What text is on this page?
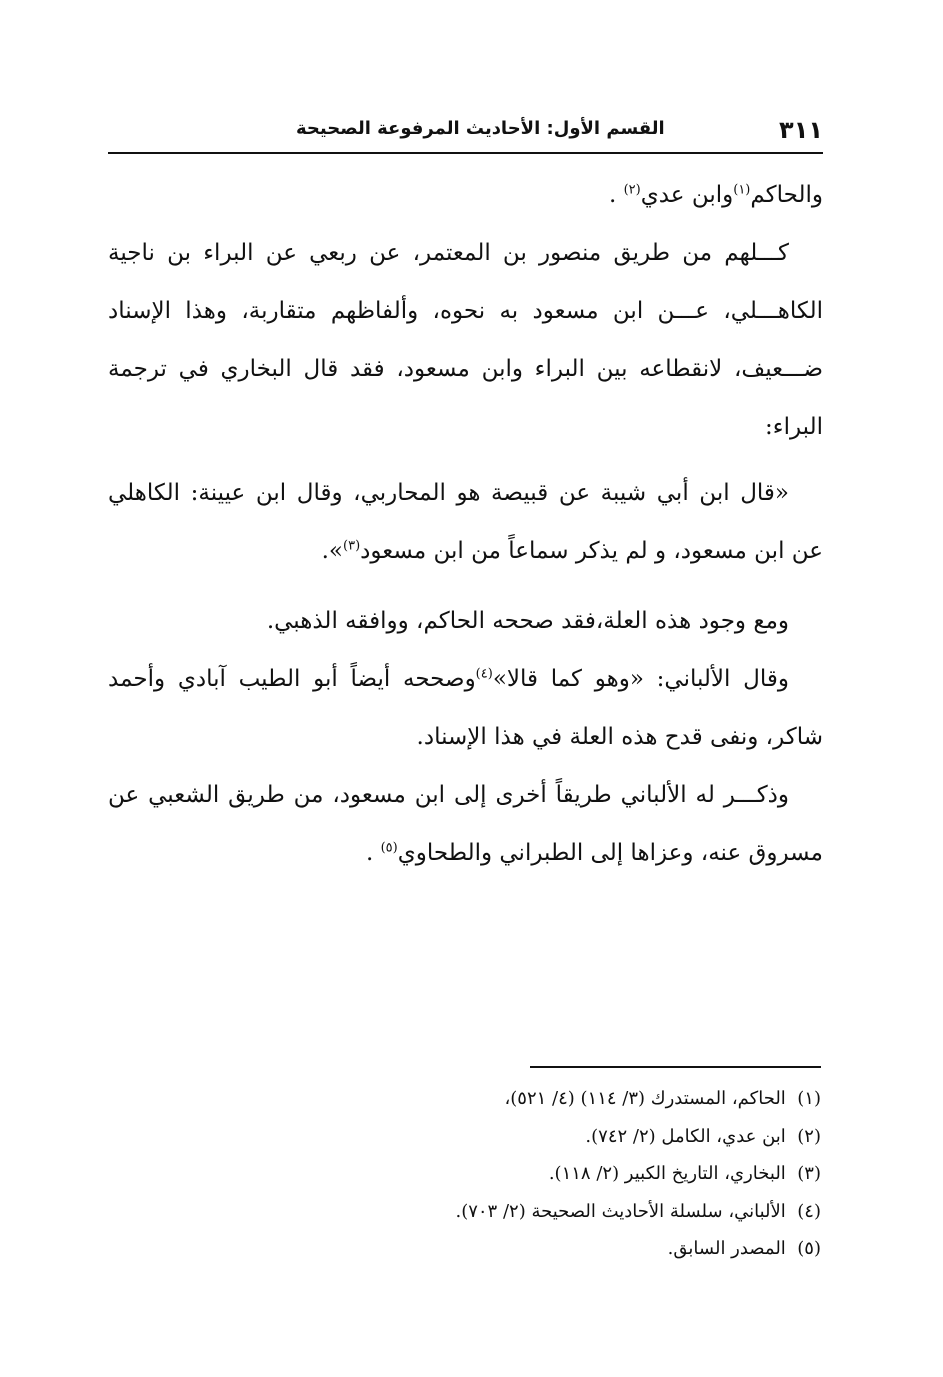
٣١١
القسم الأول: الأحاديث المرفوعة الصحيحة

والحاكم$^{(١)}$وابن عدي$^{(٢)}$ .

كـــلهم من طريق منصور بن المعتمر، عن ربعي عن البراء بن ناجية الكاهـــلي، عـــن ابن مسعود به نحوه، وألفاظهم متقاربة، وهذا الإسناد ضـــعيف، لانقطاعه بين البراء وابن مسعود، فقد قال البخاري في ترجمة البراء:

«قال ابن أبي شيبة عن قبيصة هو المحاربي، وقال ابن عيينة: الكاهلي عن ابن مسعود، و لم يذكر سماعاً من ابن مسعود$^{(٣)}$».

ومع وجود هذه العلة،فقد صححه الحاكم، ووافقه الذهبي.

وقال الألباني: «وهو كما قالا»$^{(٤)}$وصححه أيضاً أبو الطيب آبادي وأحمد شاكر، ونفى قدح هذه العلة في هذا الإسناد.

وذكـــر له الألباني طريقاً أخرى إلى ابن مسعود، من طريق الشعبي عن مسروق عنه، وعزاها إلى الطبراني والطحاوي$^{(٥)}$ .

(١)  الحاكم، المستدرك (٣/ ١١٤) (٤/ ٥٢١)،
(٢)  ابن عدي، الكامل (٢/ ٧٤٢).
(٣)  البخاري، التاريخ الكبير (٢/ ١١٨).
(٤)  الألباني، سلسلة الأحاديث الصحيحة (٢/ ٧٠٣).
(٥)  المصدر السابق.
